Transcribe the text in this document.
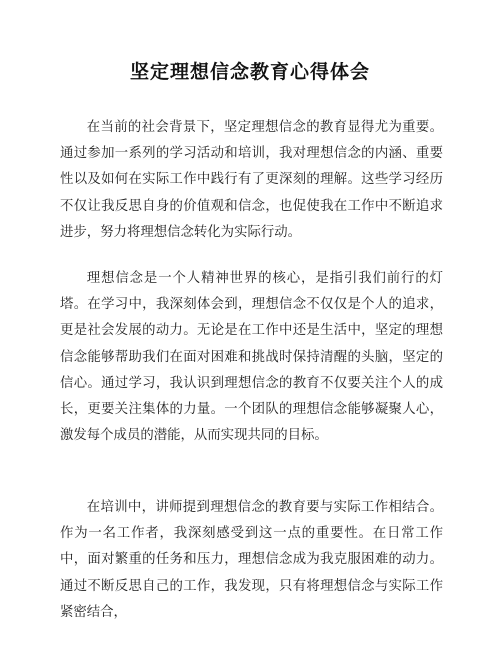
坚定理想信念教育心得体会

在当前的社会背景下，坚定理想信念的教育显得尤为重要。通过参加一系列的学习活动和培训，我对理想信念的内涵、重要性以及如何在实际工作中践行有了更深刻的理解。这些学习经历不仅让我反思自身的价值观和信念，也促使我在工作中不断追求进步，努力将理想信念转化为实际行动。

理想信念是一个人精神世界的核心，是指引我们前行的灯塔。在学习中，我深刻体会到，理想信念不仅仅是个人的追求，更是社会发展的动力。无论是在工作中还是生活中，坚定的理想信念能够帮助我们在面对困难和挑战时保持清醒的头脑，坚定的信心。通过学习，我认识到理想信念的教育不仅要关注个人的成长，更要关注集体的力量。一个团队的理想信念能够凝聚人心，激发每个成员的潜能，从而实现共同的目标。

在培训中，讲师提到理想信念的教育要与实际工作相结合。作为一名工作者，我深刻感受到这一点的重要性。在日常工作中，面对繁重的任务和压力，理想信念成为我克服困难的动力。通过不断反思自己的工作，我发现，只有将理想信念与实际工作紧密结合，
